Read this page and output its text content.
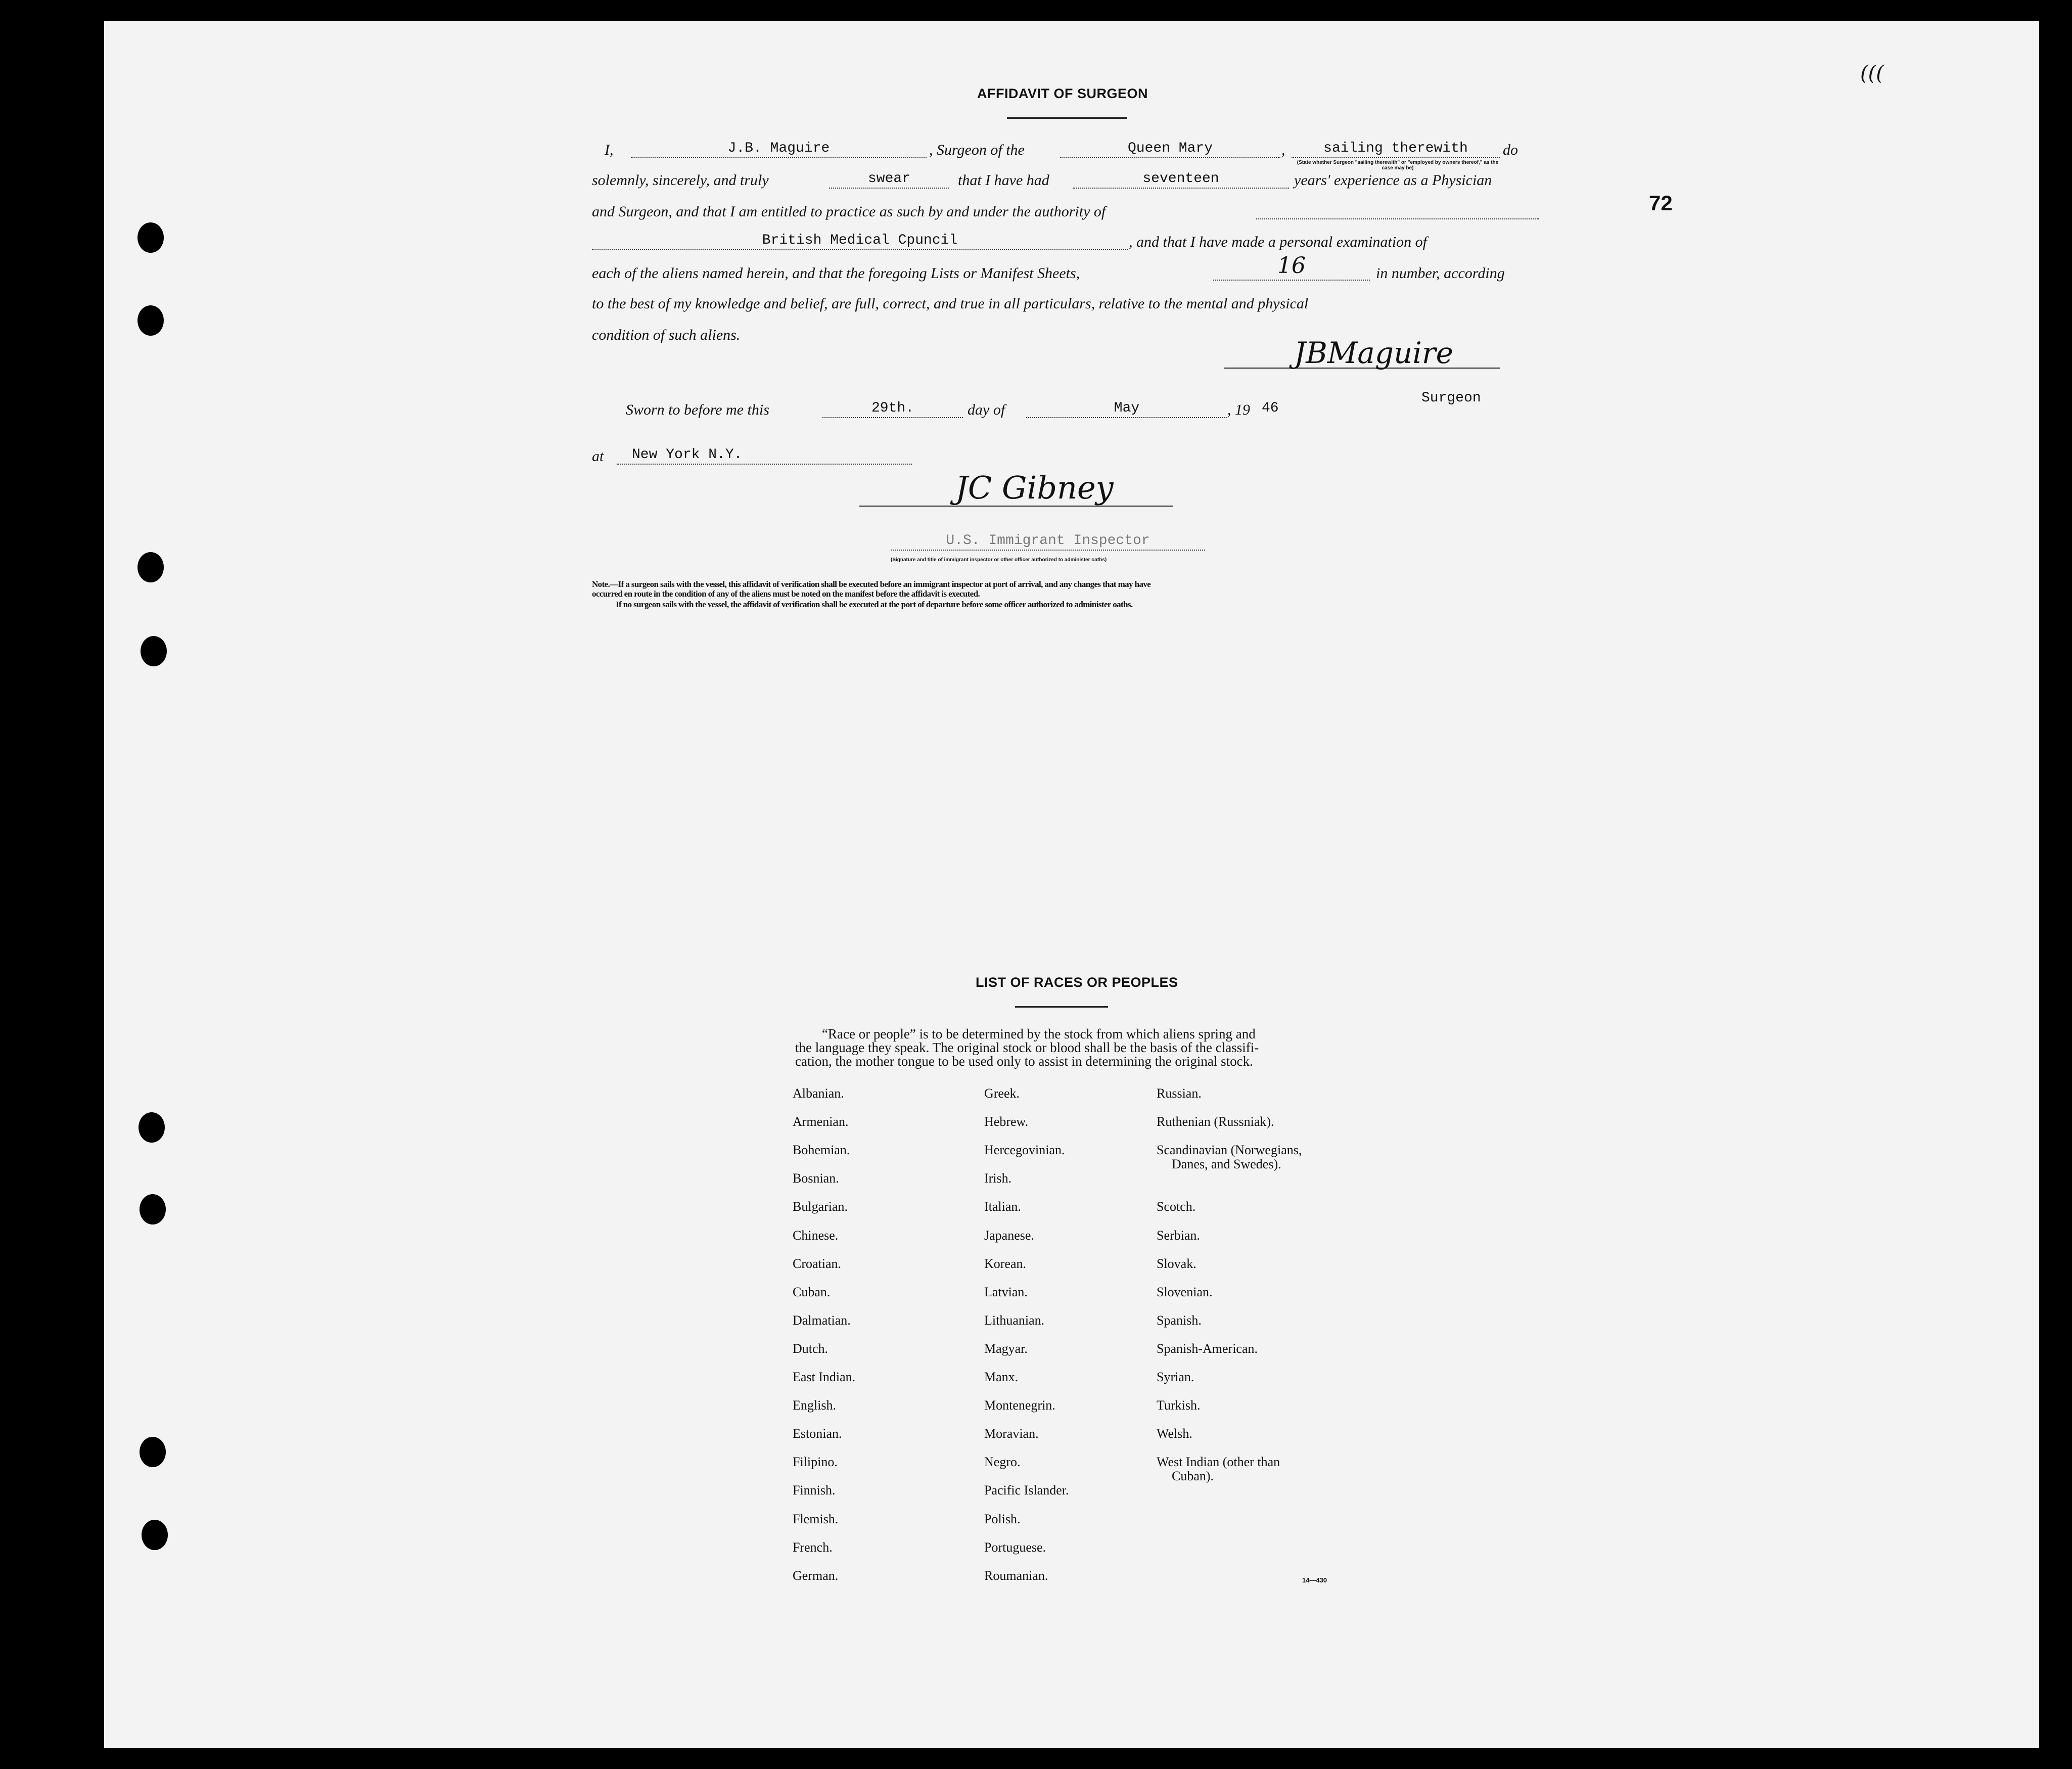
(((
72
AFFIDAVIT OF SURGEON
I,	J.B. Maguire	, Surgeon of the	Queen Mary	,	sailing therewith	do
(State whether Surgeon "sailing therewith" or "employed by owners thereof," as the case may be)
solemnly, sincerely, and truly	swear	that I have had	seventeen	years' experience as a Physician
and Surgeon, and that I am entitled to practice as such by and under the authority of
British Medical Cpuncil	, and that I have made a personal examination of
each of the aliens named herein, and that the foregoing Lists or Manifest Sheets,	16	in number, according
to the best of my knowledge and belief, are full, correct, and true in all particulars, relative to the mental and physical
condition of such aliens.
JBMaguire
Surgeon
Sworn to before me this	29th.	day of	May	, 19 46
at	New York N.Y.
JC Gibney
U.S. Immigrant Inspector
(Signature and title of immigrant inspector or other officer authorized to administer oaths)
Note.—If a surgeon sails with the vessel, this affidavit of verification shall be executed before an immigrant inspector at port of arrival, and any changes that may have
occurred en route in the condition of any of the aliens must be noted on the manifest before the affidavit is executed.
If no surgeon sails with the vessel, the affidavit of verification shall be executed at the port of departure before some officer authorized to administer oaths.
LIST OF RACES OR PEOPLES
“Race or people” is to be determined by the stock from which aliens spring and
the language they speak. The original stock or blood shall be the basis of the classifi-
cation, the mother tongue to be used only to assist in determining the original stock.
Albanian.
Armenian.
Bohemian.
Bosnian.
Bulgarian.
Chinese.
Croatian.
Cuban.
Dalmatian.
Dutch.
East Indian.
English.
Estonian.
Filipino.
Finnish.
Flemish.
French.
German.
Greek.
Hebrew.
Hercegovinian.
Irish.
Italian.
Japanese.
Korean.
Latvian.
Lithuanian.
Magyar.
Manx.
Montenegrin.
Moravian.
Negro.
Pacific Islander.
Polish.
Portuguese.
Roumanian.
Russian.
Ruthenian (Russniak).
Scandinavian (Norwegians,
Danes, and Swedes).
Scotch.
Serbian.
Slovak.
Slovenian.
Spanish.
Spanish-American.
Syrian.
Turkish.
Welsh.
West Indian (other than
Cuban).
14—430
